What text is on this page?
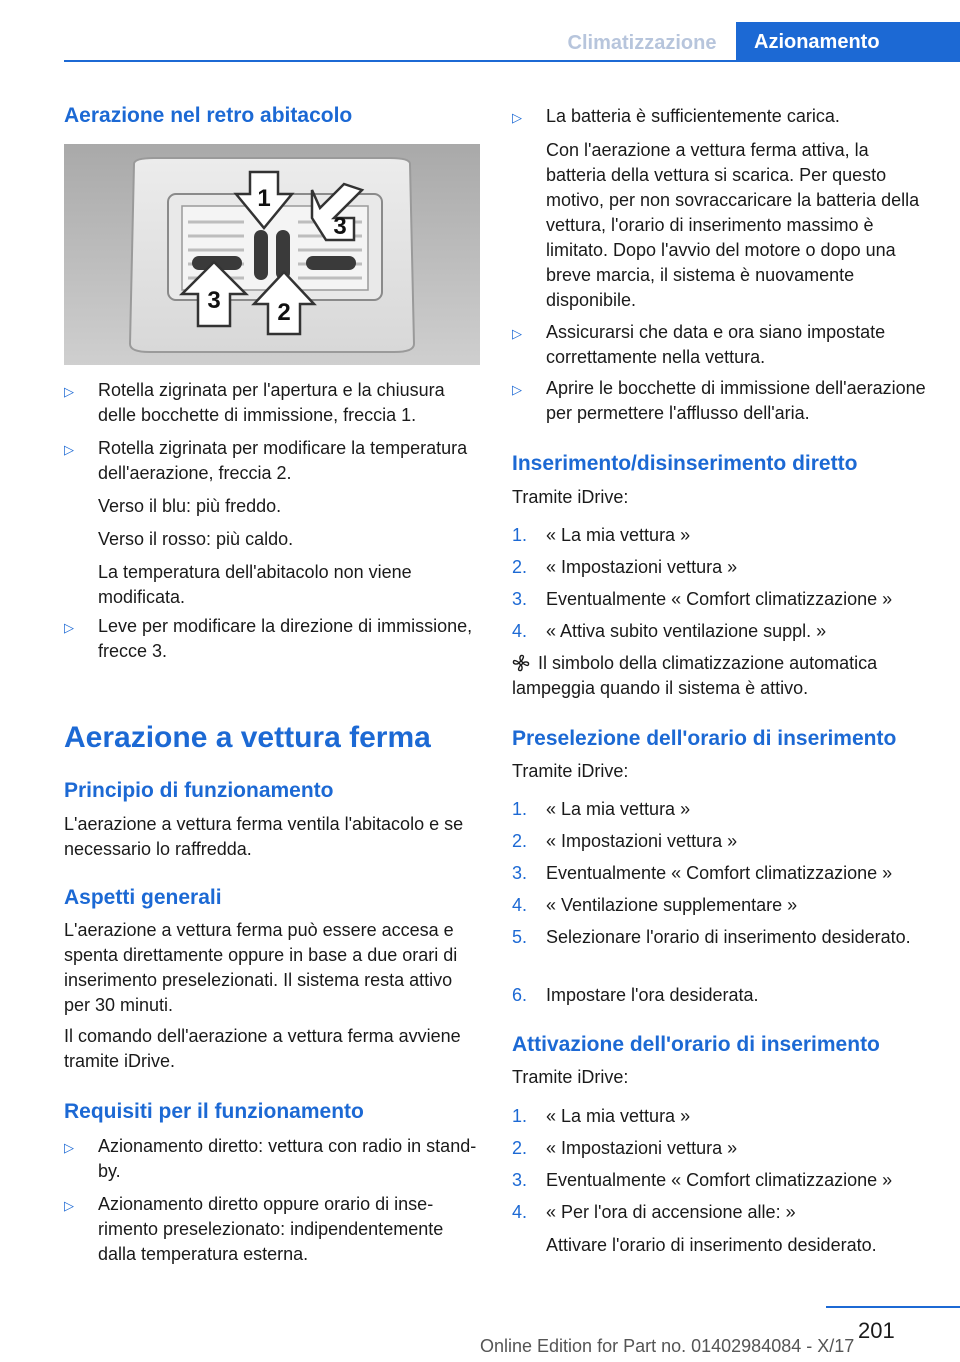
Climatizzazione	Azionamento
Aerazione nel retro abitacolo
1
3
3 2
▷ Rotella zigrinata per l'apertura e la chiusura delle bocchette di immissione, freccia 1.
▷ Rotella zigrinata per modificare la temperatura dell'aerazione, freccia 2.
Verso il blu: più freddo.
Verso il rosso: più caldo.
La temperatura dell'abitacolo non viene modificata.
▷ Leve per modificare la direzione di immissione, frecce 3.
Aerazione a vettura ferma
Principio di funzionamento
L'aerazione a vettura ferma ventila l'abitacolo e se necessario lo raffredda.
Aspetti generali
L'aerazione a vettura ferma può essere accesa e spenta direttamente oppure in base a due orari di inserimento preselezionati. Il sistema resta attivo per 30 minuti.
Il comando dell'aerazione a vettura ferma avviene tramite iDrive.
Requisiti per il funzionamento
▷ Azionamento diretto: vettura con radio in stand-by.
▷ Azionamento diretto oppure orario di inserimento preselezionato: indipendentemente dalla temperatura esterna.
▷ La batteria è sufficientemente carica.
Con l'aerazione a vettura ferma attiva, la batteria della vettura si scarica. Per questo motivo, per non sovraccaricare la batteria della vettura, l'orario di inserimento massimo è limitato. Dopo l'avvio del motore o dopo una breve marcia, il sistema è nuovamente disponibile.
▷ Assicurarsi che data e ora siano impostate correttamente nella vettura.
▷ Aprire le bocchette di immissione dell'aerazione per permettere l'afflusso dell'aria.
Inserimento/disinserimento diretto
Tramite iDrive:
1. « La mia vettura »
2. « Impostazioni vettura »
3. Eventualmente « Comfort climatizzazione »
4. « Attiva subito ventilazione suppl. »
Il simbolo della climatizzazione automatica lampeggia quando il sistema è attivo.
Preselezione dell'orario di inserimento
Tramite iDrive:
1. « La mia vettura »
2. « Impostazioni vettura »
3. Eventualmente « Comfort climatizzazione »
4. « Ventilazione supplementare »
5. Selezionare l'orario di inserimento desiderato.
6. Impostare l'ora desiderata.
Attivazione dell'orario di inserimento
Tramite iDrive:
1. « La mia vettura »
2. « Impostazioni vettura »
3. Eventualmente « Comfort climatizzazione »
4. « Per l'ora di accensione alle: »
Attivare l'orario di inserimento desiderato.
201
Online Edition for Part no. 01402984084 - X/17
